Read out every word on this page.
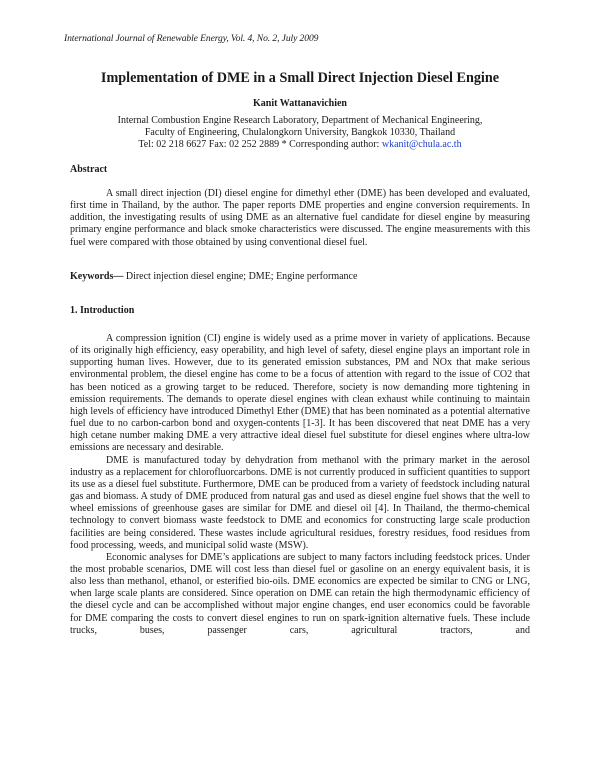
International Journal of Renewable Energy, Vol. 4, No. 2, July 2009
Implementation of DME in a Small Direct Injection Diesel Engine
Kanit Wattanavichien
Internal Combustion Engine Research Laboratory, Department of Mechanical Engineering,
Faculty of Engineering, Chulalongkorn University, Bangkok 10330, Thailand
Tel: 02 218 6627 Fax: 02 252 2889 * Corresponding author: wkanit@chula.ac.th
Abstract

A small direct injection (DI) diesel engine for dimethyl ether (DME) has been developed and evaluated, first time in Thailand, by the author. The paper reports DME properties and engine conversion requirements. In addition, the investigating results of using DME as an alternative fuel candidate for diesel engine by measuring primary engine performance and black smoke characteristics were discussed. The engine measurements with this fuel were compared with those obtained by using conventional diesel fuel.

Keywords— Direct injection diesel engine; DME; Engine performance
1. Introduction

A compression ignition (CI) engine is widely used as a prime mover in variety of applications. Because of its originally high efficiency, easy operability, and high level of safety, diesel engine plays an important role in supporting human lives. However, due to its generated emission substances, PM and NOx that make serious environmental problem, the diesel engine has come to be a focus of attention with regard to the issue of CO2 that has been noticed as a growing target to be reduced. Therefore, society is now demanding more tightening in emission requirements. The demands to operate diesel engines with clean exhaust while continuing to maintain high levels of efficiency have introduced Dimethyl Ether (DME) that has been nominated as a potential alternative fuel due to no carbon-carbon bond and oxygen-contents [1-3]. It has been discovered that neat DME has a very high cetane number making DME a very attractive ideal diesel fuel substitute for diesel engines where ultra-low emissions are necessary and desirable.

DME is manufactured today by dehydration from methanol with the primary market in the aerosol industry as a replacement for chlorofluorcarbons. DME is not currently produced in sufficient quantities to support its use as a diesel fuel substitute. Furthermore, DME can be produced from a variety of feedstock including natural gas and biomass. A study of DME produced from natural gas and used as diesel engine fuel shows that the well to wheel emissions of greenhouse gases are similar for DME and diesel oil [4]. In Thailand, the thermo-chemical technology to convert biomass waste feedstock to DME and economics for constructing large scale production facilities are being considered. These wastes include agricultural residues, forestry residues, food residues from food processing, weeds, and municipal solid waste (MSW).

Economic analyses for DME’s applications are subject to many factors including feedstock prices. Under the most probable scenarios, DME will cost less than diesel fuel or gasoline on an energy equivalent basis, it is also less than methanol, ethanol, or esterified bio-oils. DME economics are expected be similar to CNG or LNG, when large scale plants are considered. Since operation on DME can retain the high thermodynamic efficiency of the diesel cycle and can be accomplished without major engine changes, end user economics could be favorable for DME comparing the costs to convert diesel engines to run on spark-ignition alternative fuels. These include trucks, buses, passenger cars, agricultural tractors, and
